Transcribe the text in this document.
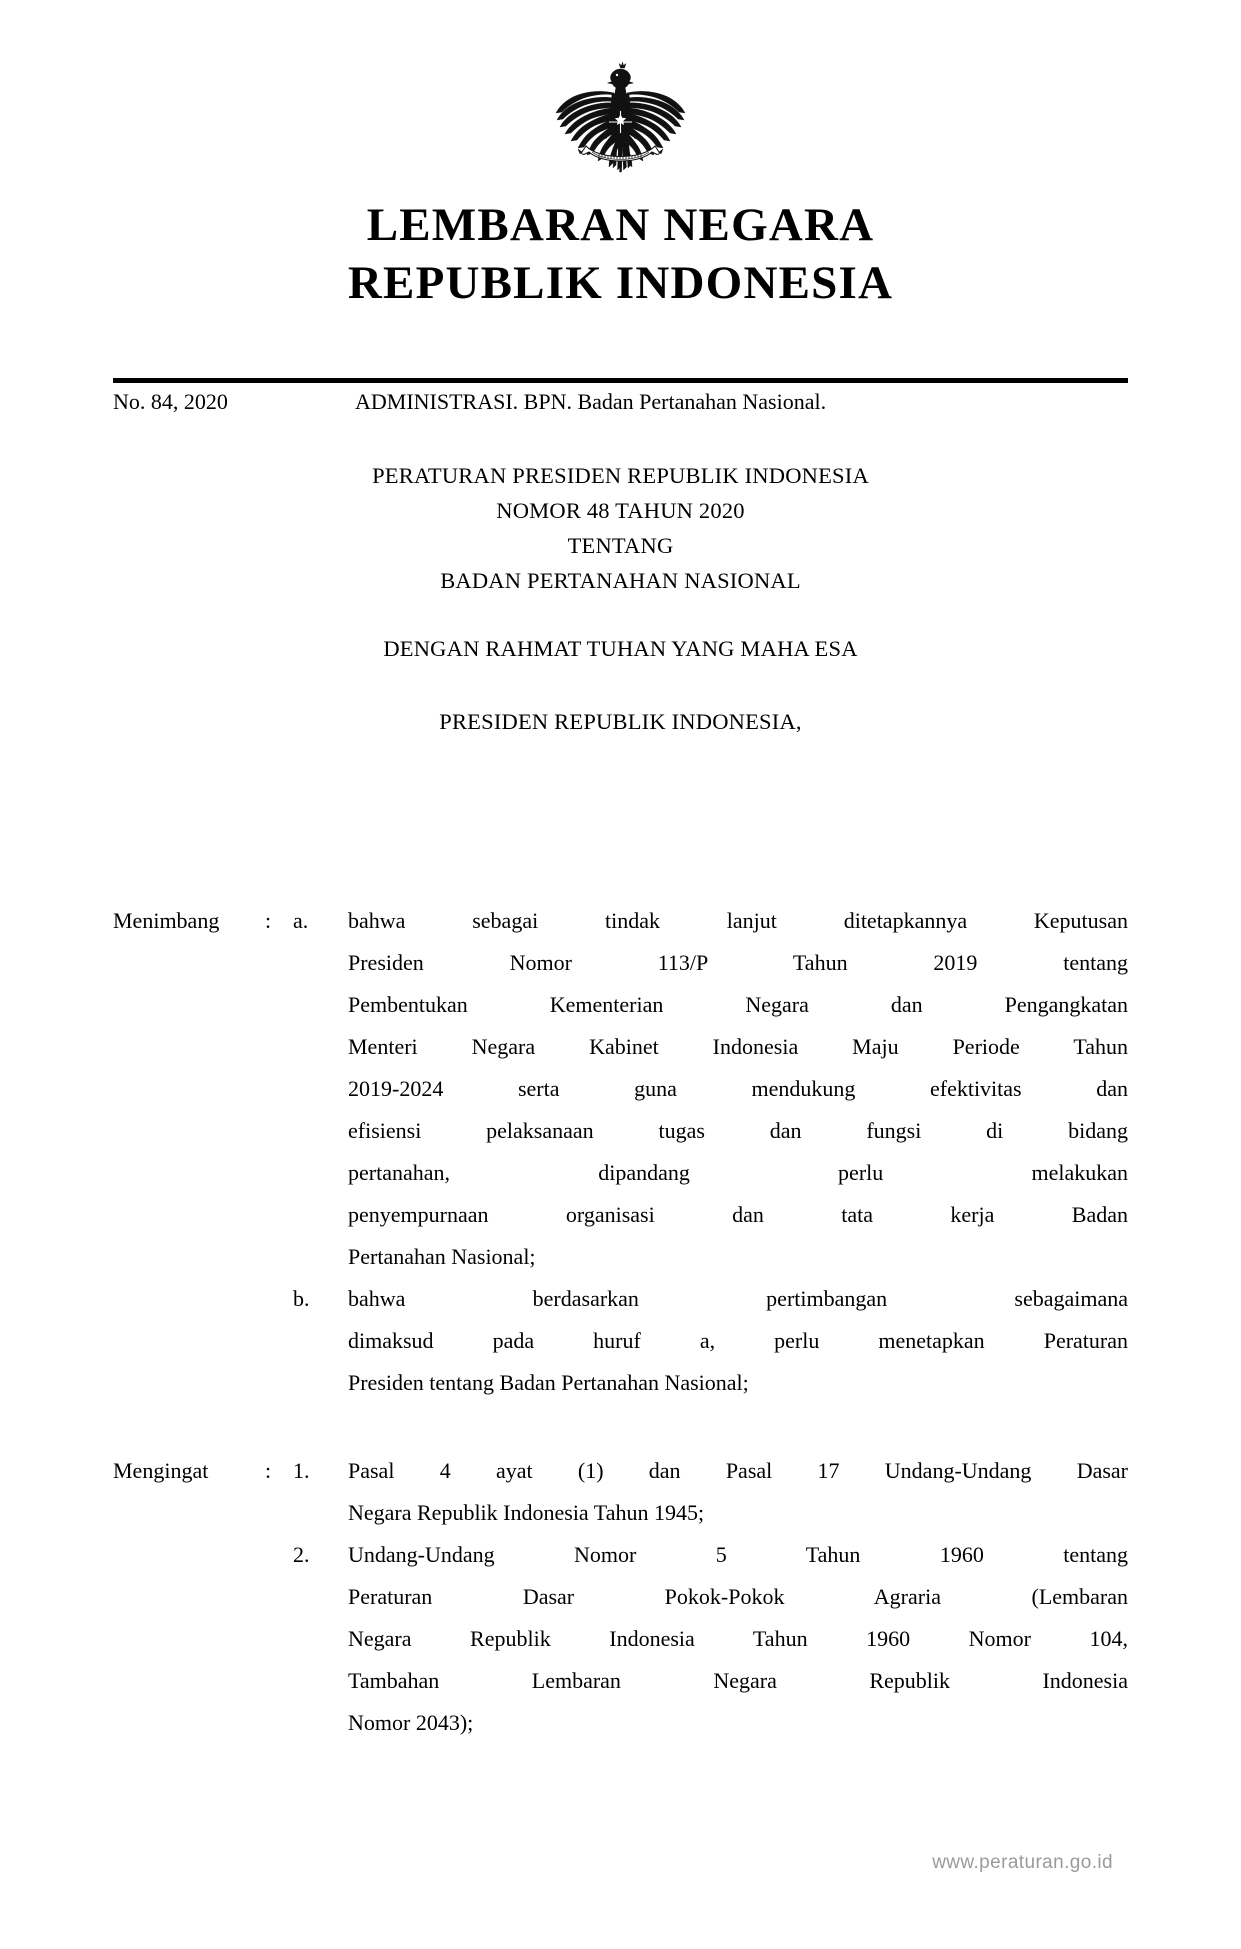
LEMBARAN NEGARA
REPUBLIK INDONESIA
No. 84, 2020	ADMINISTRASI. BPN. Badan Pertanahan Nasional.
PERATURAN PRESIDEN REPUBLIK INDONESIA
NOMOR 48 TAHUN 2020
TENTANG
BADAN PERTANAHAN NASIONAL
DENGAN RAHMAT TUHAN YANG MAHA ESA
PRESIDEN REPUBLIK INDONESIA,
Menimbang	: a.	bahwa sebagai tindak lanjut ditetapkannya Keputusan
Presiden Nomor 113/P Tahun 2019 tentang
Pembentukan Kementerian Negara dan Pengangkatan
Menteri Negara Kabinet Indonesia Maju Periode Tahun
2019-2024 serta guna mendukung efektivitas dan
efisiensi pelaksanaan tugas dan fungsi di bidang
pertanahan, dipandang perlu melakukan
penyempurnaan organisasi dan tata kerja Badan
Pertanahan Nasional;
b.	bahwa berdasarkan pertimbangan sebagaimana
dimaksud pada huruf a, perlu menetapkan Peraturan
Presiden tentang Badan Pertanahan Nasional;
Mengingat	: 1.	Pasal 4 ayat (1) dan Pasal 17 Undang-Undang Dasar
Negara Republik Indonesia Tahun 1945;
2.	Undang-Undang Nomor 5 Tahun 1960 tentang
Peraturan Dasar Pokok-Pokok Agraria (Lembaran
Negara Republik Indonesia Tahun 1960 Nomor 104,
Tambahan Lembaran Negara Republik Indonesia
Nomor 2043);
www.peraturan.go.id
